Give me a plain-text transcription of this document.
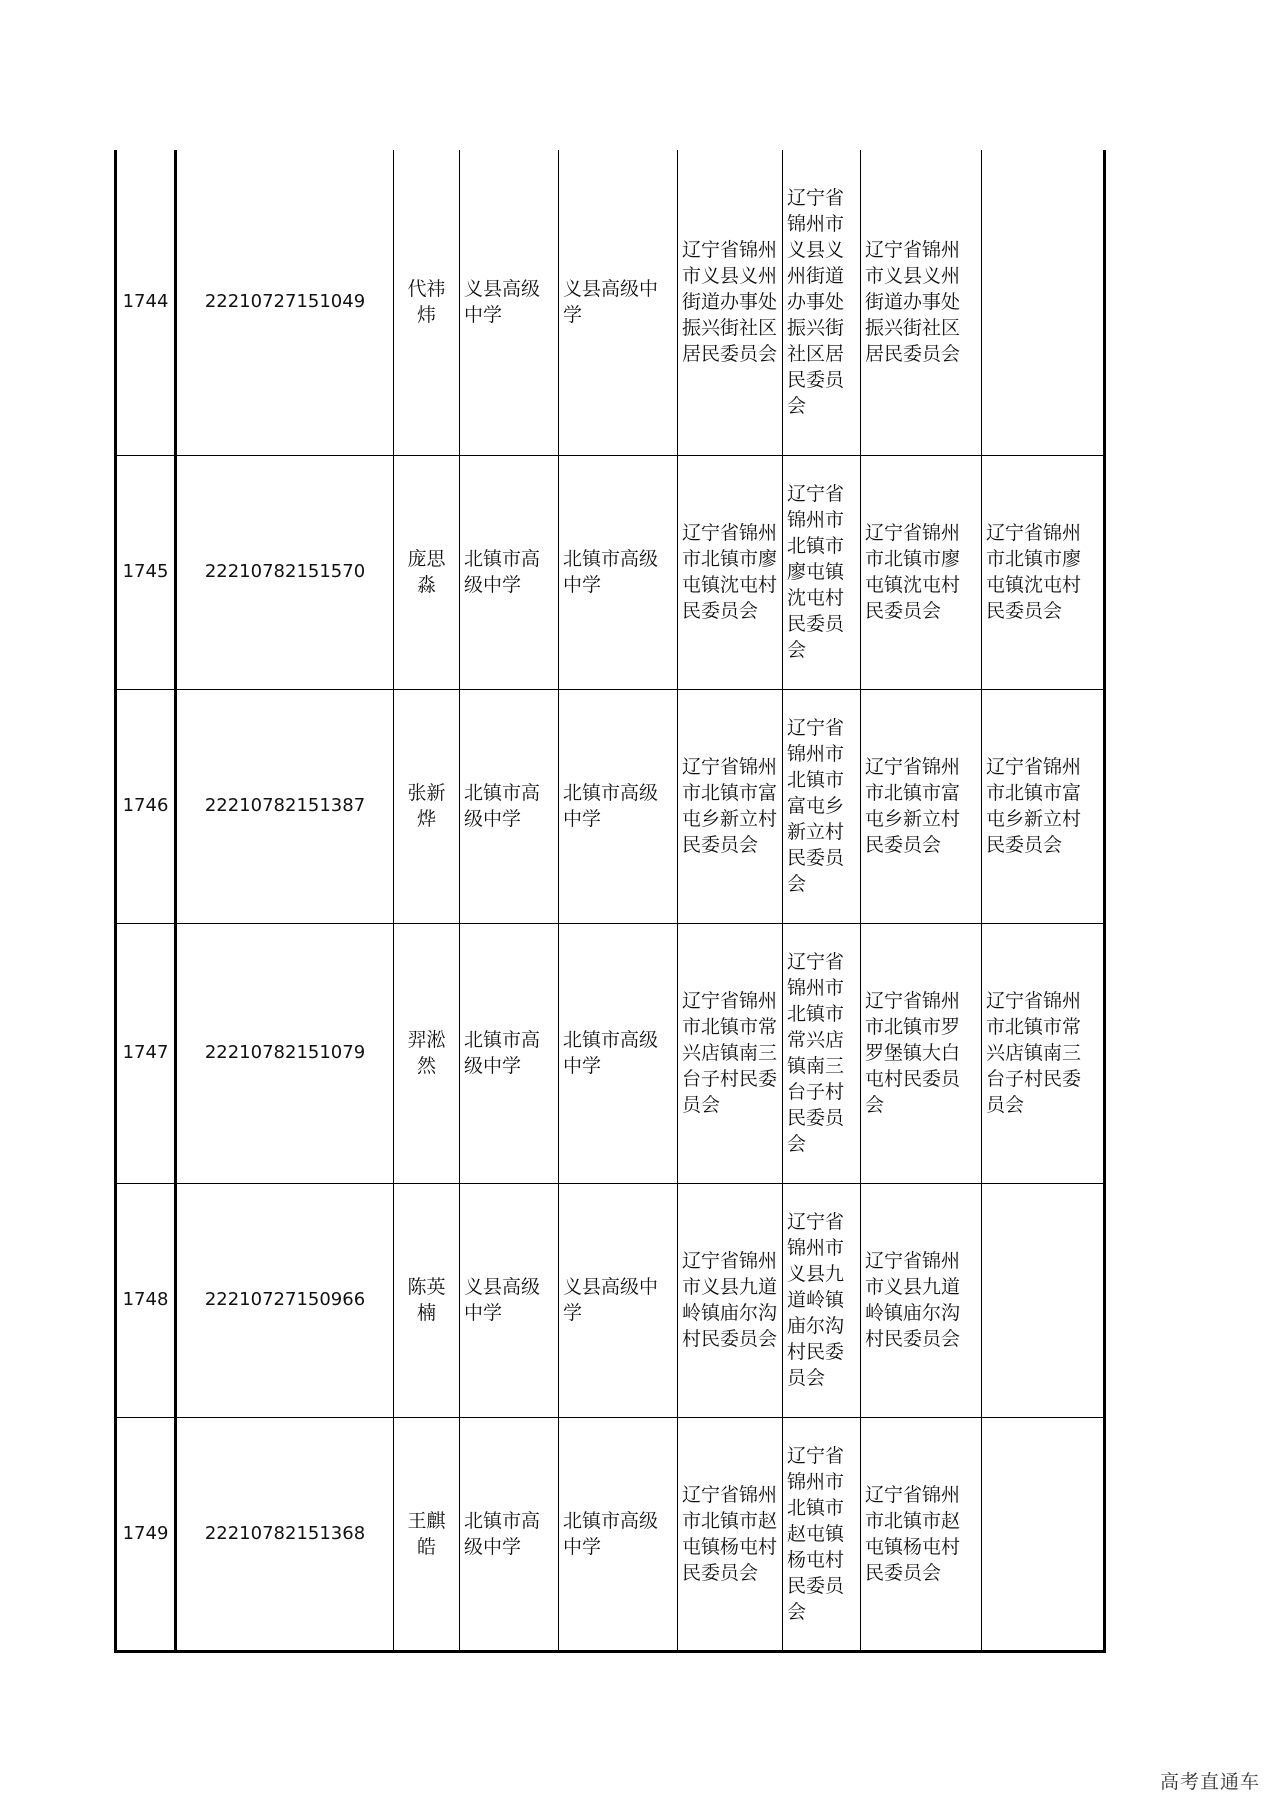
1744	22210727151049	代祎炜	义县高级中学	义县高级中学	辽宁省锦州市义县义州街道办事处振兴街社区居民委员会	辽宁省锦州市义县义州街道办事处振兴街社区居民委员会	辽宁省锦州市义县义州街道办事处振兴街社区居民委员会	
1745	22210782151570	庞思淼	北镇市高级中学	北镇市高级中学	辽宁省锦州市北镇市廖屯镇沈屯村民委员会	辽宁省锦州市北镇市廖屯镇沈屯村民委员会	辽宁省锦州市北镇市廖屯镇沈屯村民委员会	辽宁省锦州市北镇市廖屯镇沈屯村民委员会
1746	22210782151387	张新烨	北镇市高级中学	北镇市高级中学	辽宁省锦州市北镇市富屯乡新立村民委员会	辽宁省锦州市北镇市富屯乡新立村民委员会	辽宁省锦州市北镇市富屯乡新立村民委员会	辽宁省锦州市北镇市富屯乡新立村民委员会
1747	22210782151079	羿淞然	北镇市高级中学	北镇市高级中学	辽宁省锦州市北镇市常兴店镇南三台子村民委员会	辽宁省锦州市北镇市常兴店镇南三台子村民委员会	辽宁省锦州市北镇市罗罗堡镇大白屯村民委员会	辽宁省锦州市北镇市常兴店镇南三台子村民委员会
1748	22210727150966	陈英楠	义县高级中学	义县高级中学	辽宁省锦州市义县九道岭镇庙尔沟村民委员会	辽宁省锦州市义县九道岭镇庙尔沟村民委员会	辽宁省锦州市义县九道岭镇庙尔沟村民委员会	
1749	22210782151368	王麒皓	北镇市高级中学	北镇市高级中学	辽宁省锦州市北镇市赵屯镇杨屯村民委员会	辽宁省锦州市北镇市赵屯镇杨屯村民委员会	辽宁省锦州市北镇市赵屯镇杨屯村民委员会	
高考直通车
